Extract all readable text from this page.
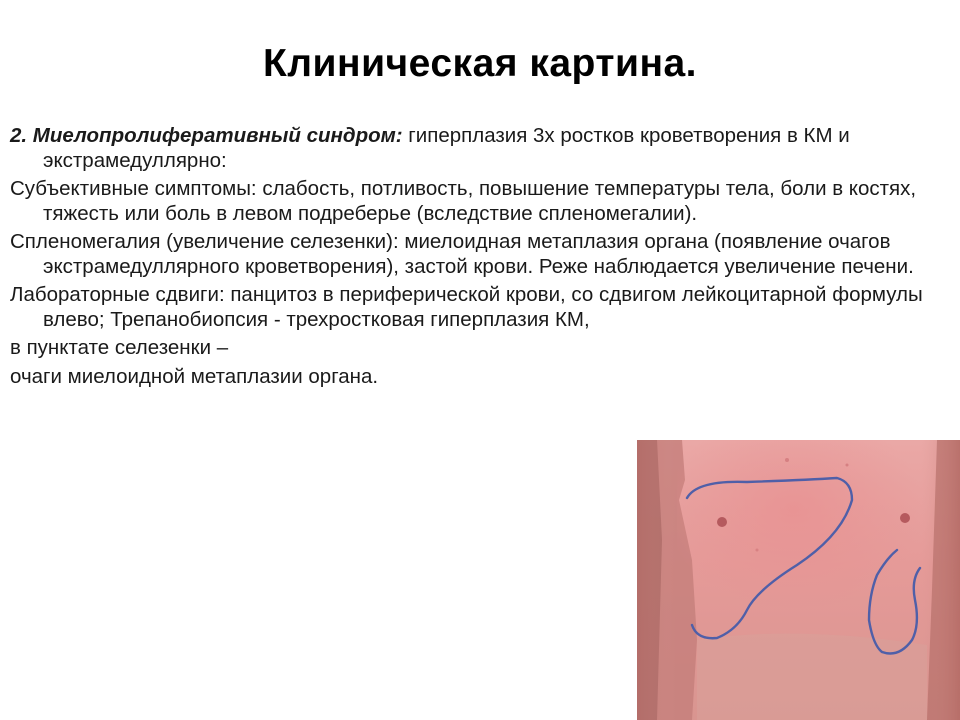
Клиническая картина.

2. Миелопролиферативный синдром: гиперплазия 3х ростков кроветворения в КМ и экстрамедуллярно:

Субъективные симптомы: слабость, потливость, повышение температуры тела, боли в костях, тяжесть или боль в левом подреберье (вследствие спленомегалии).

Спленомегалия (увеличение селезенки): миелоидная метаплазия органа (появление очагов экстрамедуллярного кроветворения), застой крови. Реже наблюдается увеличение печени.

Лабораторные сдвиги: панцитоз в периферической крови, со сдвигом лейкоцитарной формулы влево; Трепанобиопсия - трехростковая гиперплазия КМ,

в пунктате селезенки –

очаги миелоидной метаплазии органа.
